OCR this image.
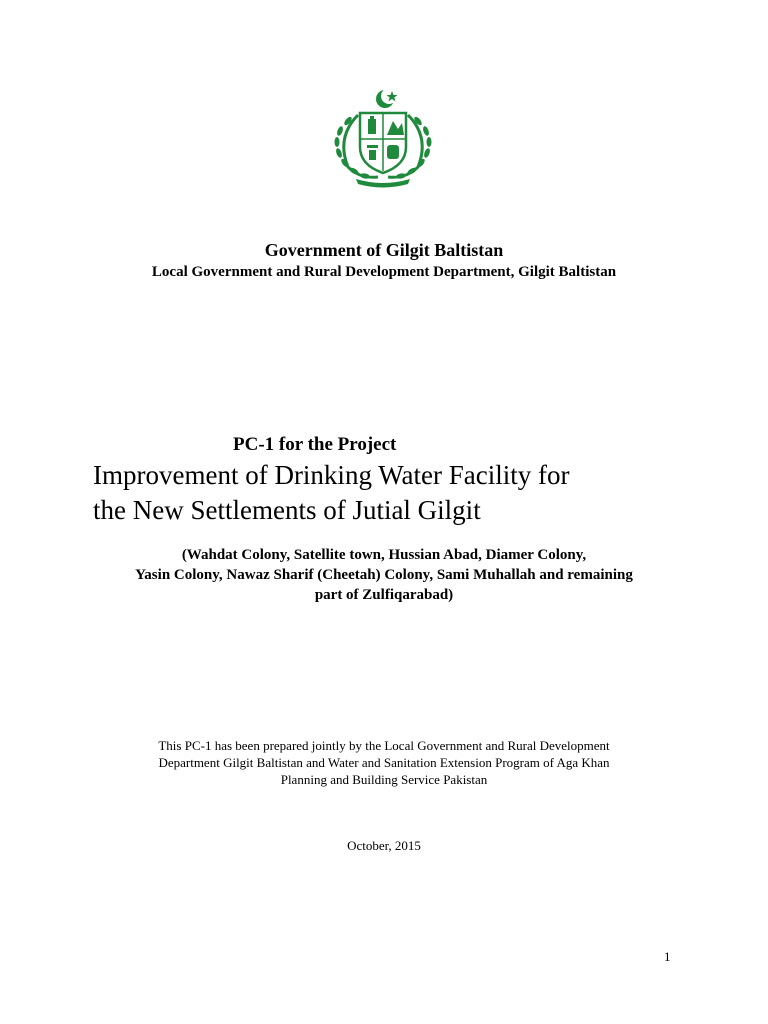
Government of Gilgit Baltistan
Local Government and Rural Development Department, Gilgit Baltistan
PC-1 for the Project
Improvement of Drinking Water Facility for
the New Settlements of Jutial Gilgit
(Wahdat Colony, Satellite town, Hussian Abad, Diamer Colony,
Yasin Colony, Nawaz Sharif (Cheetah) Colony, Sami Muhallah and remaining
part of Zulfiqarabad)
This PC-1 has been prepared jointly by the Local Government and Rural Development
Department Gilgit Baltistan and Water and Sanitation Extension Program of Aga Khan
Planning and Building Service Pakistan
October, 2015
1
